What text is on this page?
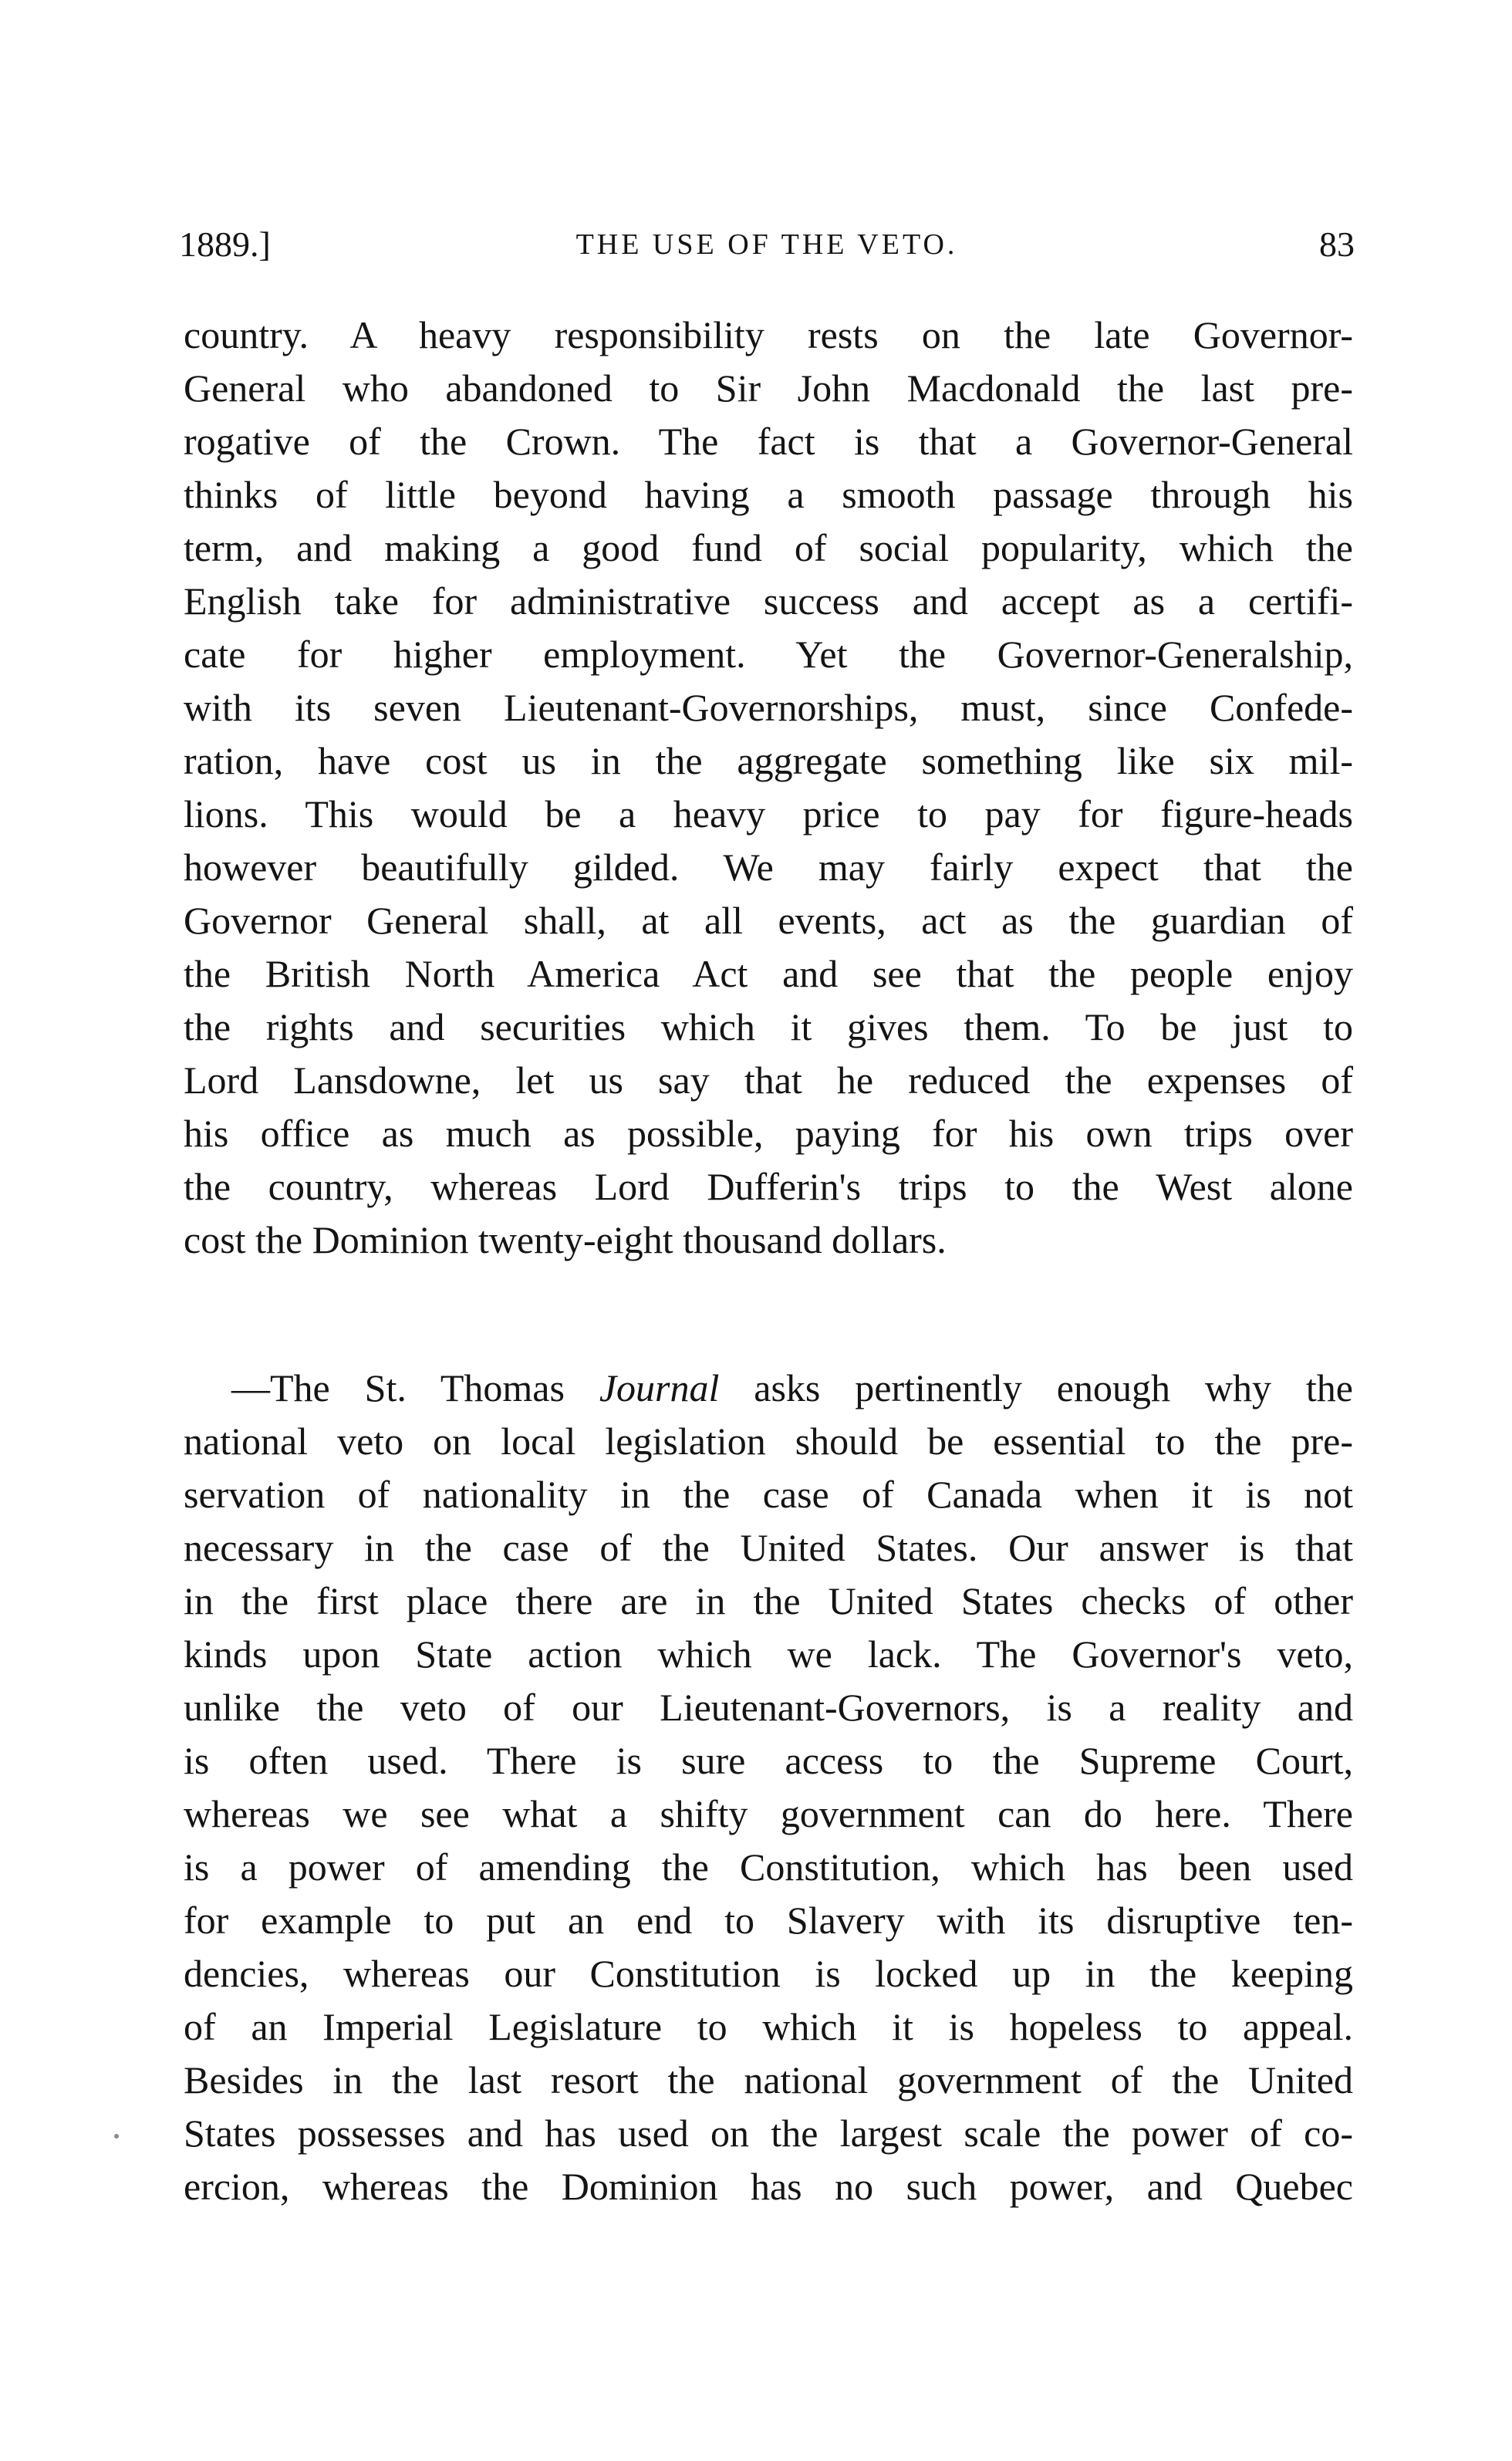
1889.]	THE USE OF THE VETO.	83
country. A heavy responsibility rests on the late Governor-
General who abandoned to Sir John Macdonald the last pre-
rogative of the Crown. The fact is that a Governor-General
thinks of little beyond having a smooth passage through his
term, and making a good fund of social popularity, which the
English take for administrative success and accept as a certifi-
cate for higher employment. Yet the Governor-Generalship,
with its seven Lieutenant-Governorships, must, since Confede-
ration, have cost us in the aggregate something like six mil-
lions. This would be a heavy price to pay for figure-heads
however beautifully gilded. We may fairly expect that the
Governor General shall, at all events, act as the guardian of
the British North America Act and see that the people enjoy
the rights and securities which it gives them. To be just to
Lord Lansdowne, let us say that he reduced the expenses of
his office as much as possible, paying for his own trips over
the country, whereas Lord Dufferin's trips to the West alone
cost the Dominion twenty-eight thousand dollars.
—The St. Thomas Journal asks pertinently enough why the
national veto on local legislation should be essential to the pre-
servation of nationality in the case of Canada when it is not
necessary in the case of the United States. Our answer is that
in the first place there are in the United States checks of other
kinds upon State action which we lack. The Governor's veto,
unlike the veto of our Lieutenant-Governors, is a reality and
is often used. There is sure access to the Supreme Court,
whereas we see what a shifty government can do here. There
is a power of amending the Constitution, which has been used
for example to put an end to Slavery with its disruptive ten-
dencies, whereas our Constitution is locked up in the keeping
of an Imperial Legislature to which it is hopeless to appeal.
Besides in the last resort the national government of the United
States possesses and has used on the largest scale the power of co-
ercion, whereas the Dominion has no such power, and Quebec
